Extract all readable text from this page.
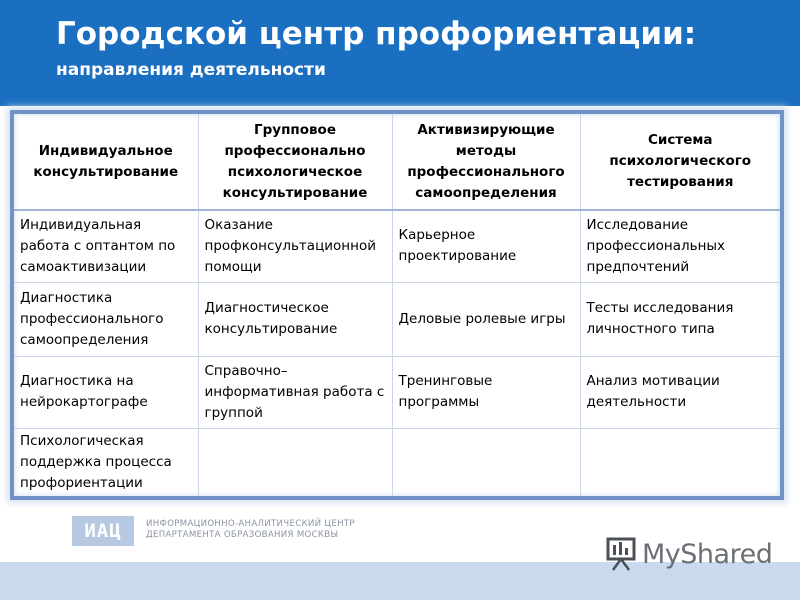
Городской центр профориентации:
направления деятельности
Индивидуальное консультирование	Групповое профессионально психологическое консультирование	Активизирующие методы профессионального самоопределения	Система психологического тестирования
Индивидуальная работа с оптантом по самоактивизации	Оказание профконсультационной помощи	Карьерное проектирование	Исследование профессиональных предпочтений
Диагностика профессионального самоопределения	Диагностическое консультирование	Деловые ролевые игры	Тесты исследования личностного типа
Диагностика на нейрокартографе	Справочно–информативная работа с группой	Тренинговые программы	Анализ мотивации деятельности
Психологическая поддержка процесса профориентации			
ИАЦ	ИНФОРМАЦИОННО-АНАЛИТИЧЕСКИЙ ЦЕНТР
ДЕПАРТАМЕНТА ОБРАЗОВАНИЯ МОСКВЫ
MyShared
